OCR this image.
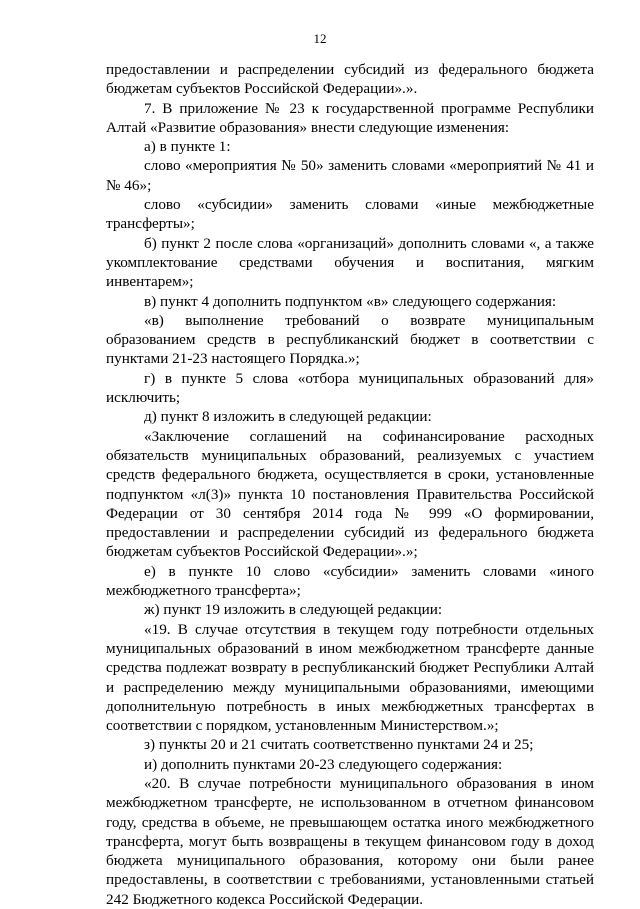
12

предоставлении и распределении субсидий из федерального бюджета бюджетам субъектов Российской Федерации».».

7. В приложение № 23 к государственной программе Республики Алтай «Развитие образования» внести следующие изменения:

а) в пункте 1:

слово «мероприятия № 50» заменить словами «мероприятий № 41 и № 46»;

слово «субсидии» заменить словами «иные межбюджетные трансферты»;

б) пункт 2 после слова «организаций» дополнить словами «, а также укомплектование средствами обучения и воспитания, мягким инвентарем»;

в) пункт 4 дополнить подпунктом «в» следующего содержания:

«в) выполнение требований о возврате муниципальным образованием средств в республиканский бюджет в соответствии с пунктами 21-23 настоящего Порядка.»;

г) в пункте 5 слова «отбора муниципальных образований для» исключить;

д) пункт 8 изложить в следующей редакции:

«Заключение соглашений на софинансирование расходных обязательств муниципальных образований, реализуемых с участием средств федерального бюджета, осуществляется в сроки, установленные подпунктом «л(3)» пункта 10 постановления Правительства Российской Федерации от 30 сентября 2014 года № 999 «О формировании, предоставлении и распределении субсидий из федерального бюджета бюджетам субъектов Российской Федерации».»;

е) в пункте 10 слово «субсидии» заменить словами «иного межбюджетного трансферта»;

ж) пункт 19 изложить в следующей редакции:

«19. В случае отсутствия в текущем году потребности отдельных муниципальных образований в ином межбюджетном трансферте данные средства подлежат возврату в республиканский бюджет Республики Алтай и распределению между муниципальными образованиями, имеющими дополнительную потребность в иных межбюджетных трансфертах в соответствии с порядком, установленным Министерством.»;

з) пункты 20 и 21 считать соответственно пунктами 24 и 25;

и) дополнить пунктами 20-23 следующего содержания:

«20. В случае потребности муниципального образования в ином межбюджетном трансферте, не использованном в отчетном финансовом году, средства в объеме, не превышающем остатка иного межбюджетного трансферта, могут быть возвращены в текущем финансовом году в доход бюджета муниципального образования, которому они были ранее предоставлены, в соответствии с требованиями, установленными статьей 242 Бюджетного кодекса Российской Федерации.
